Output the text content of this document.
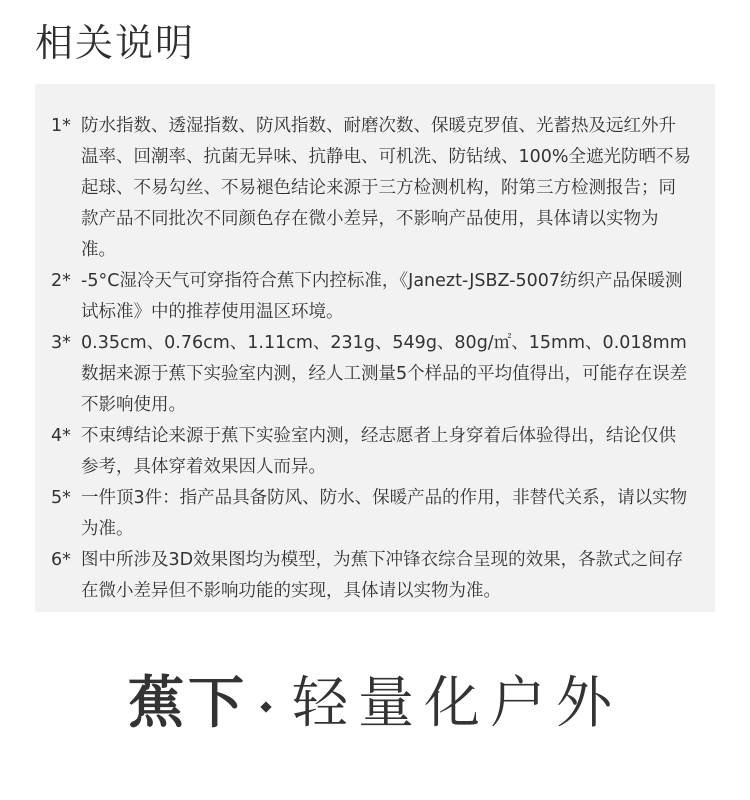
相关说明

1* 防水指数、透湿指数、防风指数、耐磨次数、保暖克罗值、光蓄热及远红外升温率、回潮率、抗菌无异味、抗静电、可机洗、防钻绒、100%全遮光防晒不易起球、不易勾丝、不易褪色结论来源于三方检测机构，附第三方检测报告；同款产品不同批次不同颜色存在微小差异，不影响产品使用，具体请以实物为准。

2* -5°C湿冷天气可穿指符合蕉下内控标准，《Janezt-JSBZ-5007纺织产品保暖测试标准》中的推荐使用温区环境。

3* 0.35cm、0.76cm、1.11cm、231g、549g、80g/㎡、15mm、0.018mm数据来源于蕉下实验室内测，经人工测量5个样品的平均值得出，可能存在误差不影响使用。

4* 不束缚结论来源于蕉下实验室内测，经志愿者上身穿着后体验得出，结论仅供参考，具体穿着效果因人而异。

5* 一件顶3件：指产品具备防风、防水、保暖产品的作用，非替代关系，请以实物为准。

6* 图中所涉及3D效果图均为模型，为蕉下冲锋衣综合呈现的效果，各款式之间存在微小差异但不影响功能的实现，具体请以实物为准。

蕉下 轻量化户外
